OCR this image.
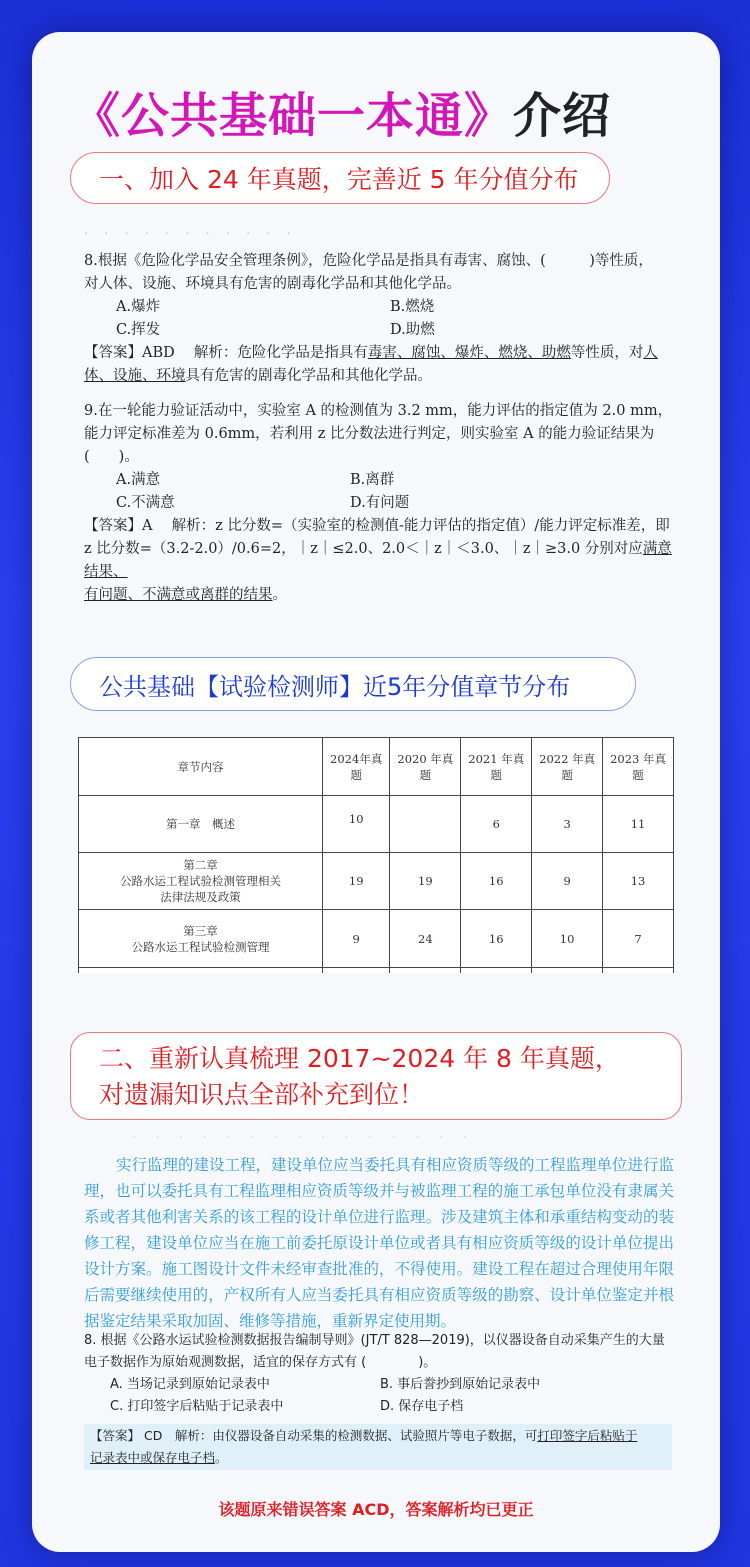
《公共基础一本通》介绍
一、加入 24 年真题，完善近 5 年分值分布
· · · · · · · · · · ·
8.根据《危险化学品安全管理条例》，危险化学品是指具有毒害、腐蚀、(　　　)等性质，
对人体、设施、环境具有危害的剧毒化学品和其他化学品。
A.爆炸	B.燃烧
C.挥发	D.助燃
【答案】ABD　 解析：危险化学品是指具有毒害、腐蚀、爆炸、燃烧、助燃等性质，对人
体、设施、环境具有危害的剧毒化学品和其他化学品。
9.在一轮能力验证活动中，实验室 A 的检测值为 3.2 mm，能力评估的指定值为 2.0 mm，
能力评定标准差为 0.6mm，若利用 z 比分数法进行判定，则实验室 A 的能力验证结果为
(　　)。
A.满意	B.离群
C.不满意	D.有问题
【答案】A　 解析：z 比分数=（实验室的检测值-能力评估的指定值）/能力评定标准差，即
z 比分数=（3.2-2.0）/0.6=2，｜z｜≤2.0、2.0＜｜z｜＜3.0、｜z｜≥3.0 分别对应满意结果、
有问题、不满意或离群的结果。
公共基础【试验检测师】近5年分值章节分布
章节内容	2024年真题	2020 年真题	2021 年真题	2022 年真题	2023 年真题
第一章　概述	10		6	3	11

第二章
公路水运工程试验检测管理相关
法律法规及政策	19	19	16	9	13

第三章
公路水运工程试验检测管理	9	24	16	10	7

二、重新认真梳理 2017~2024 年 8 年真题，
对遗漏知识点全部补充到位！
· · · · · · · · · · · · · · ·
实行监理的建设工程，建设单位应当委托具有相应资质等级的工程监理单位进行监理，也可以委托具有工程监理相应资质等级并与被监理工程的施工承包单位没有隶属关系或者其他利害关系的该工程的设计单位进行监理。涉及建筑主体和承重结构变动的装修工程，建设单位应当在施工前委托原设计单位或者具有相应资质等级的设计单位提出设计方案。施工图设计文件未经审查批准的，不得使用。建设工程在超过合理使用年限后需要继续使用的，产权所有人应当委托具有相应资质等级的勘察、设计单位鉴定并根据鉴定结果采取加固、维修等措施，重新界定使用期。
8. 根据《公路水运试验检测数据报告编制导则》(JT/T 828—2019)，以仪器设备自动采集产生的大量
电子数据作为原始观测数据，适宜的保存方式有 (　　　　)。
A. 当场记录到原始记录表中	B. 事后誊抄到原始记录表中
C. 打印签字后粘贴于记录表中	D. 保存电子档
【答案】 CD　解析：由仪器设备自动采集的检测数据、试验照片等电子数据，可打印签字后粘贴于
记录表中或保存电子档。
该题原来错误答案 ACD，答案解析均已更正
